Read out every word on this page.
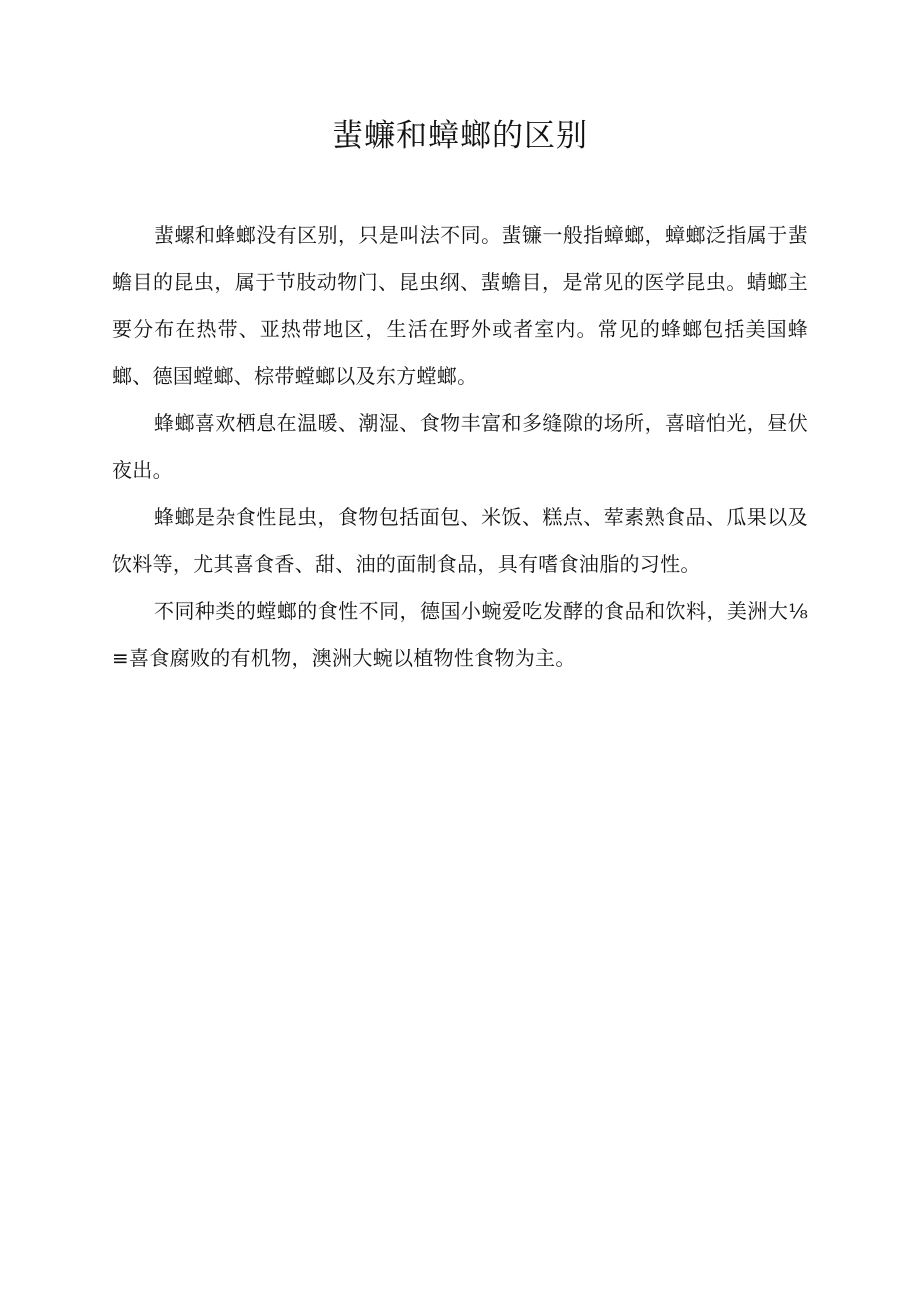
蜚蠊和蟑螂的区别

蜚螺和蜂螂没有区别，只是叫法不同。蜚镰一般指蟑螂，蟑螂泛指属于蜚蟾目的昆虫，属于节肢动物门、昆虫纲、蜚蟾目，是常见的医学昆虫。蜻螂主要分布在热带、亚热带地区，生活在野外或者室内。常见的蜂螂包括美国蜂螂、德国螳螂、棕带螳螂以及东方螳螂。

蜂螂喜欢栖息在温暖、潮湿、食物丰富和多缝隙的场所，喜暗怕光，昼伏夜出。

蜂螂是杂食性昆虫，食物包括面包、米饭、糕点、荤素熟食品、瓜果以及饮料等，尤其喜食香、甜、油的面制食品，具有嗜食油脂的习性。

不同种类的螳螂的食性不同，德国小蜿爱吃发酵的食品和饮料，美洲大⅛≡喜食腐败的有机物，澳洲大蜿以植物性食物为主。
